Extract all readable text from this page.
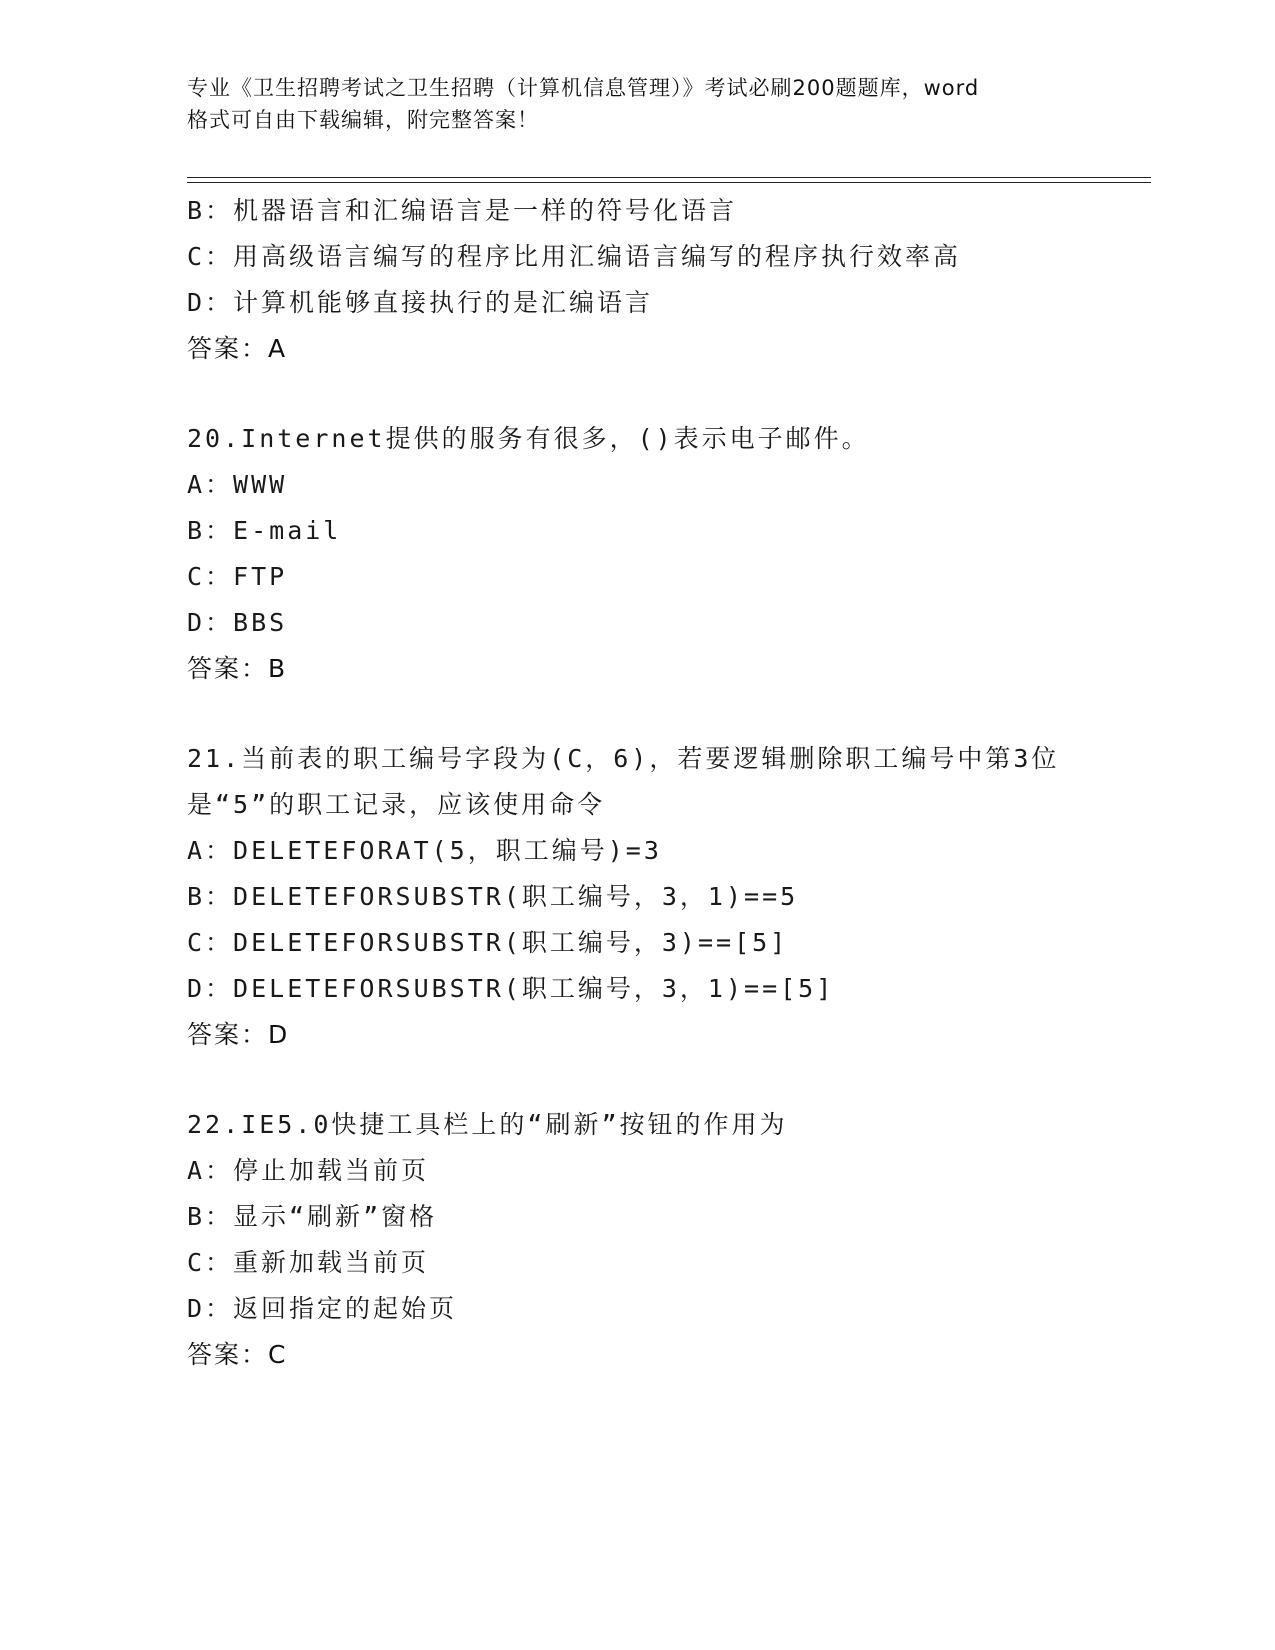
专业《卫生招聘考试之卫生招聘（计算机信息管理）》考试必刷200题题库，word
格式可自由下载编辑，附完整答案！
B：机器语言和汇编语言是一样的符号化语言
C：用高级语言编写的程序比用汇编语言编写的程序执行效率高
D：计算机能够直接执行的是汇编语言
答案：A
20.Internet提供的服务有很多，()表示电子邮件。
A：WWW
B：E-mail
C：FTP
D：BBS
答案：B
21.当前表的职工编号字段为(C，6)，若要逻辑删除职工编号中第3位
是“5”的职工记录，应该使用命令
A：DELETEFORAT(5，职工编号)=3
B：DELETEFORSUBSTR(职工编号，3，1)==5
C：DELETEFORSUBSTR(职工编号，3)==[5]
D：DELETEFORSUBSTR(职工编号，3，1)==[5]
答案：D
22.IE5.0快捷工具栏上的“刷新”按钮的作用为
A：停止加载当前页
B：显示“刷新”窗格
C：重新加载当前页
D：返回指定的起始页
答案：C
